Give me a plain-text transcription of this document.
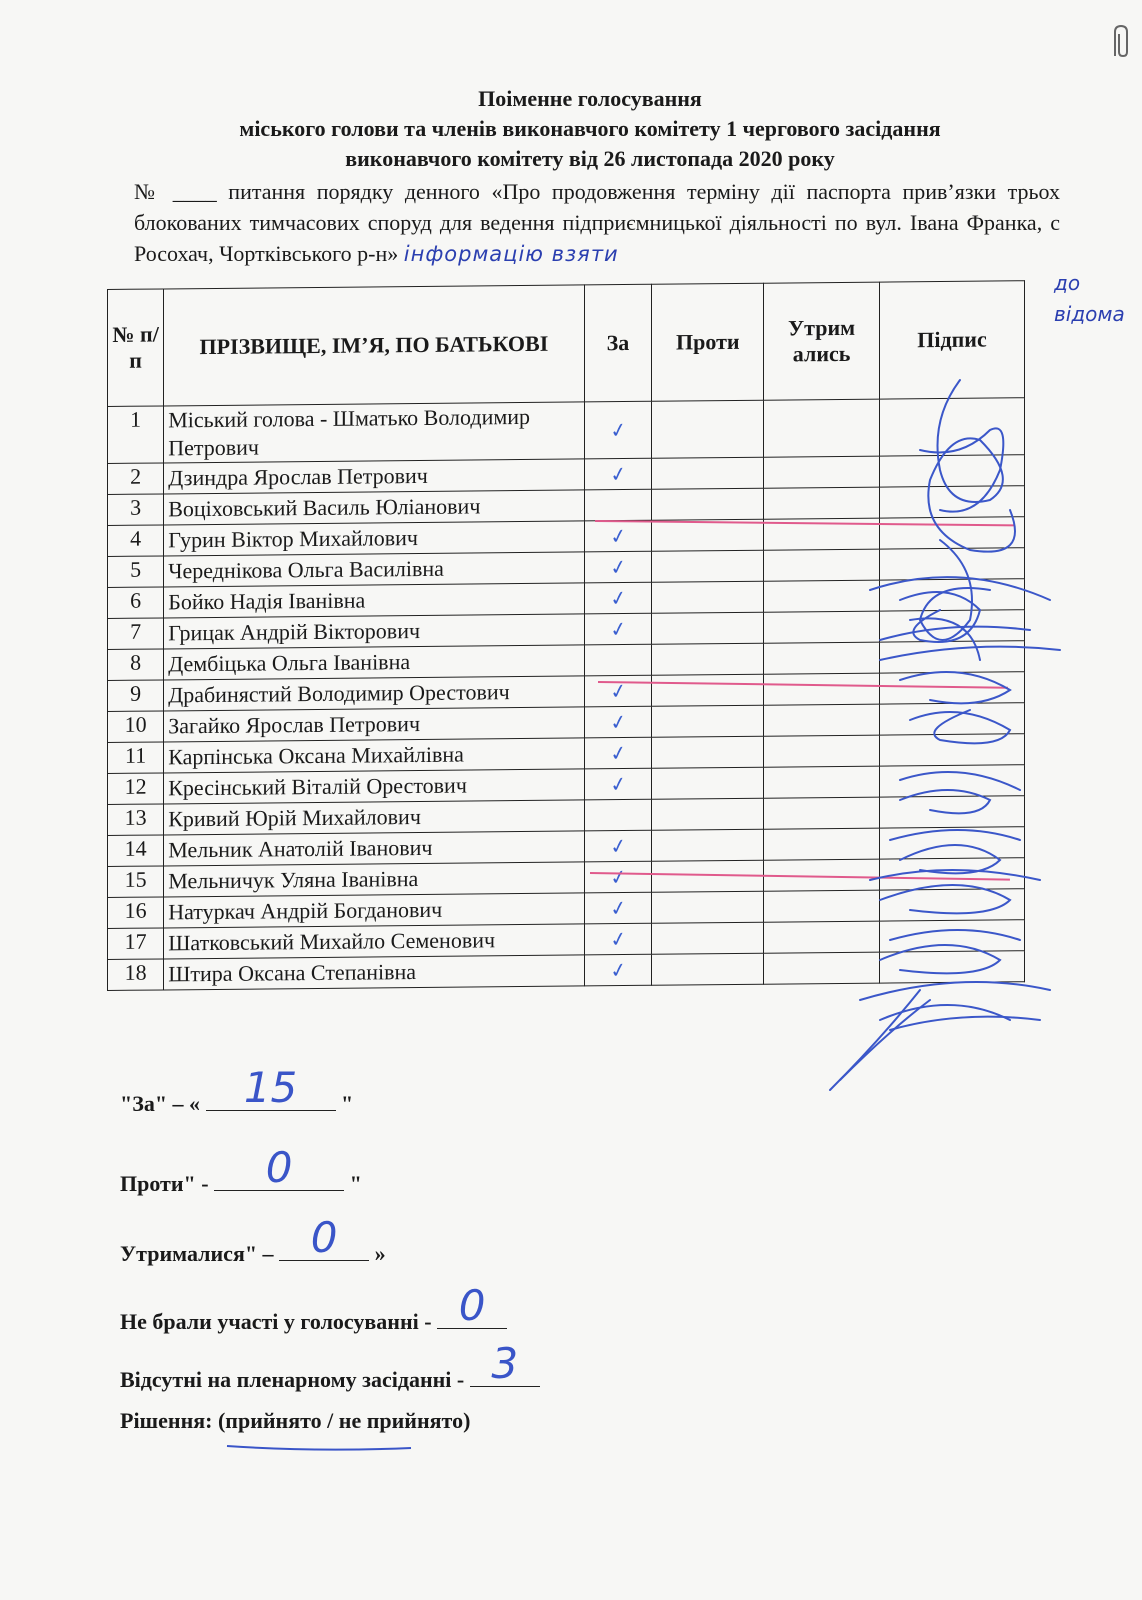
Поіменне голосування
міського голови та членів виконавчого комітету 1 чергового засідання
виконавчого комітету від 26 листопада 2020 року
№ ____ питання порядку денного «Про продовження терміну дії паспорта прив’язки трьох блокованих тимчасових споруд для ведення підприємницької діяльності по вул. Івана Франка, с Росохач, Чортківського р-н» інформацію взяти
до відома
№ п/п	ПРІЗВИЩЕ, ІМ’Я, ПО БАТЬКОВІ	За	Проти	Утрим ались	Підпис
1	Міський голова - Шматько Володимир Петрович	✓			
2	Дзиндра Ярослав Петрович	✓			
3	Воціховський Василь Юліанович				
4	Гурин Віктор Михайлович	✓			
5	Череднікова Ольга Василівна	✓			
6	Бойко Надія Іванівна	✓			
7	Грицак Андрій Вікторович	✓			
8	Дембіцька Ольга Іванівна				
9	Драбинястий Володимир Орестович	✓			
10	Загайко Ярослав Петрович	✓			
11	Карпінська Оксана Михайлівна	✓			
12	Кресінський Віталій Орестович	✓			
13	Кривий Юрій Михайлович				
14	Мельник Анатолій Іванович	✓			
15	Мельничук Уляна Іванівна	✓			
16	Натуркач Андрій Богданович	✓			
17	Шатковський Михайло Семенович	✓			
18	Штира Оксана Степанівна	✓			
"За" – «	15	"
Проти" -	0	"
Утрималися" – 0	»
Не брали участі у голосуванні - 0
Відсутні на пленарному засіданні - 3
Рішення: (прийнято / не прийнято)
